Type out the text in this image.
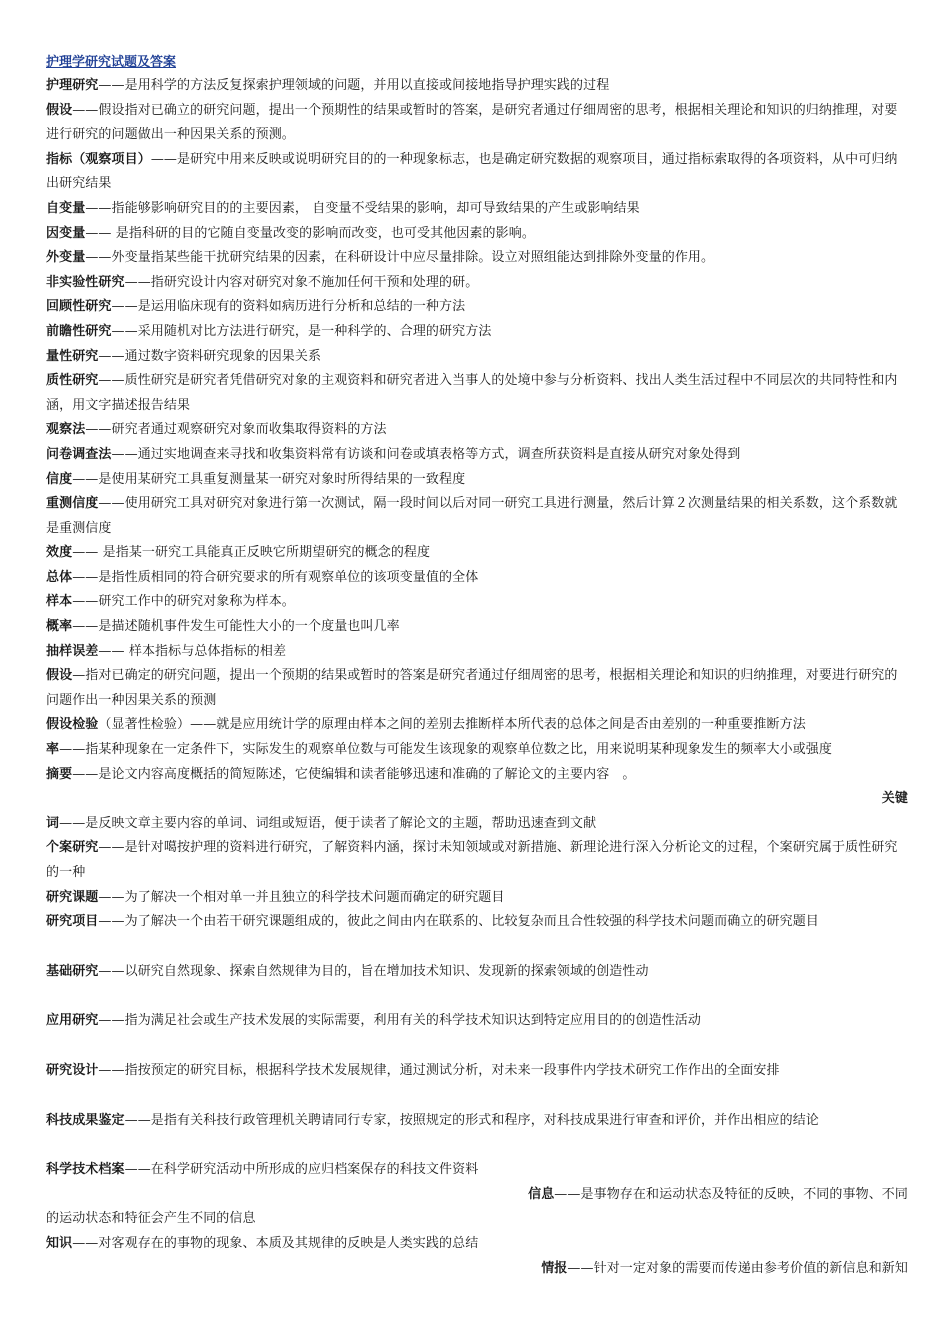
护理学研究试题及答案
护理研究——是用科学的方法反复探索护理领域的问题，并用以直接或间接地指导护理实践的过程
假设——假设指对已确立的研究问题，提出一个预期性的结果或暂时的答案，是研究者通过仔细周密的思考，根据相关理论和知识的归纳推理，对要进行研究的问题做出一种因果关系的预测。
指标（观察项目）——是研究中用来反映或说明研究目的的一种现象标志，也是确定研究数据的观察项目，通过指标索取得的各项资料，从中可归纳出研究结果
自变量——指能够影响研究目的的主要因素， 自变量不受结果的影响，却可导致结果的产生或影响结果
因变量—— 是指科研的目的它随自变量改变的影响而改变，也可受其他因素的影响。
外变量——外变量指某些能干扰研究结果的因素，在科研设计中应尽量排除。设立对照组能达到排除外变量的作用。
非实验性研究——指研究设计内容对研究对象不施加任何干预和处理的研。
回顾性研究——是运用临床现有的资料如病历进行分析和总结的一种方法
前瞻性研究——采用随机对比方法进行研究，是一种科学的、合理的研究方法
量性研究——通过数字资料研究现象的因果关系
质性研究——质性研究是研究者凭借研究对象的主观资料和研究者进入当事人的处境中参与分析资料、找出人类生活过程中不同层次的共同特性和内涵，用文字描述报告结果
观察法——研究者通过观察研究对象而收集取得资料的方法
问卷调查法——通过实地调查来寻找和收集资料常有访谈和问卷或填表格等方式，调查所获资料是直接从研究对象处得到
信度——是使用某研究工具重复测量某一研究对象时所得结果的一致程度
重测信度——使用研究工具对研究对象进行第一次测试，隔一段时间以后对同一研究工具进行测量，然后计算２次测量结果的相关系数，这个系数就是重测信度
效度—— 是指某一研究工具能真正反映它所期望研究的概念的程度
总体——是指性质相同的符合研究要求的所有观察单位的该项变量值的全体
样本——研究工作中的研究对象称为样本。
概率——是描述随机事件发生可能性大小的一个度量也叫几率
抽样误差—— 样本指标与总体指标的相差
假设—指对已确定的研究问题，提出一个预期的结果或暂时的答案是研究者通过仔细周密的思考，根据相关理论和知识的归纳推理，对要进行研究的问题作出一种因果关系的预测
假设检验（显著性检验）——就是应用统计学的原理由样本之间的差别去推断样本所代表的总体之间是否由差别的一种重要推断方法
率——指某种现象在一定条件下，实际发生的观察单位数与可能发生该现象的观察单位数之比，用来说明某种现象发生的频率大小或强度
摘要——是论文内容高度概括的简短陈述，它使编辑和读者能够迅速和准确的了解论文的主要内容　。
关键
词——是反映文章主要内容的单词、词组或短语，便于读者了解论文的主题，帮助迅速查到文献
个案研究——是针对噶按护理的资料进行研究，了解资料内涵，探讨未知领域或对新措施、新理论进行深入分析论文的过程，个案研究属于质性研究的一种
研究课题——为了解决一个相对单一并且独立的科学技术问题而确定的研究题目
研究项目——为了解决一个由若干研究课题组成的，彼此之间由内在联系的、比较复杂而且合性较强的科学技术问题而确立的研究题目
基础研究——以研究自然现象、探索自然规律为目的，旨在增加技术知识、发现新的探索领域的创造性动
应用研究——指为满足社会或生产技术发展的实际需要，利用有关的科学技术知识达到特定应用目的的创造性活动
研究设计——指按预定的研究目标，根据科学技术发展规律，通过测试分析，对未来一段事件内学技术研究工作作出的全面安排
科技成果鉴定——是指有关科技行政管理机关聘请同行专家，按照规定的形式和程序，对科技成果进行审查和评价，并作出相应的结论
科学技术档案——在科学研究活动中所形成的应归档案保存的科技文件资料
信息——是事物存在和运动状态及特征的反映，不同的事物、不同
的运动状态和特征会产生不同的信息
知识——对客观存在的事物的现象、本质及其规律的反映是人类实践的总结
情报——针对一定对象的需要而传递由参考价值的新信息和新知
